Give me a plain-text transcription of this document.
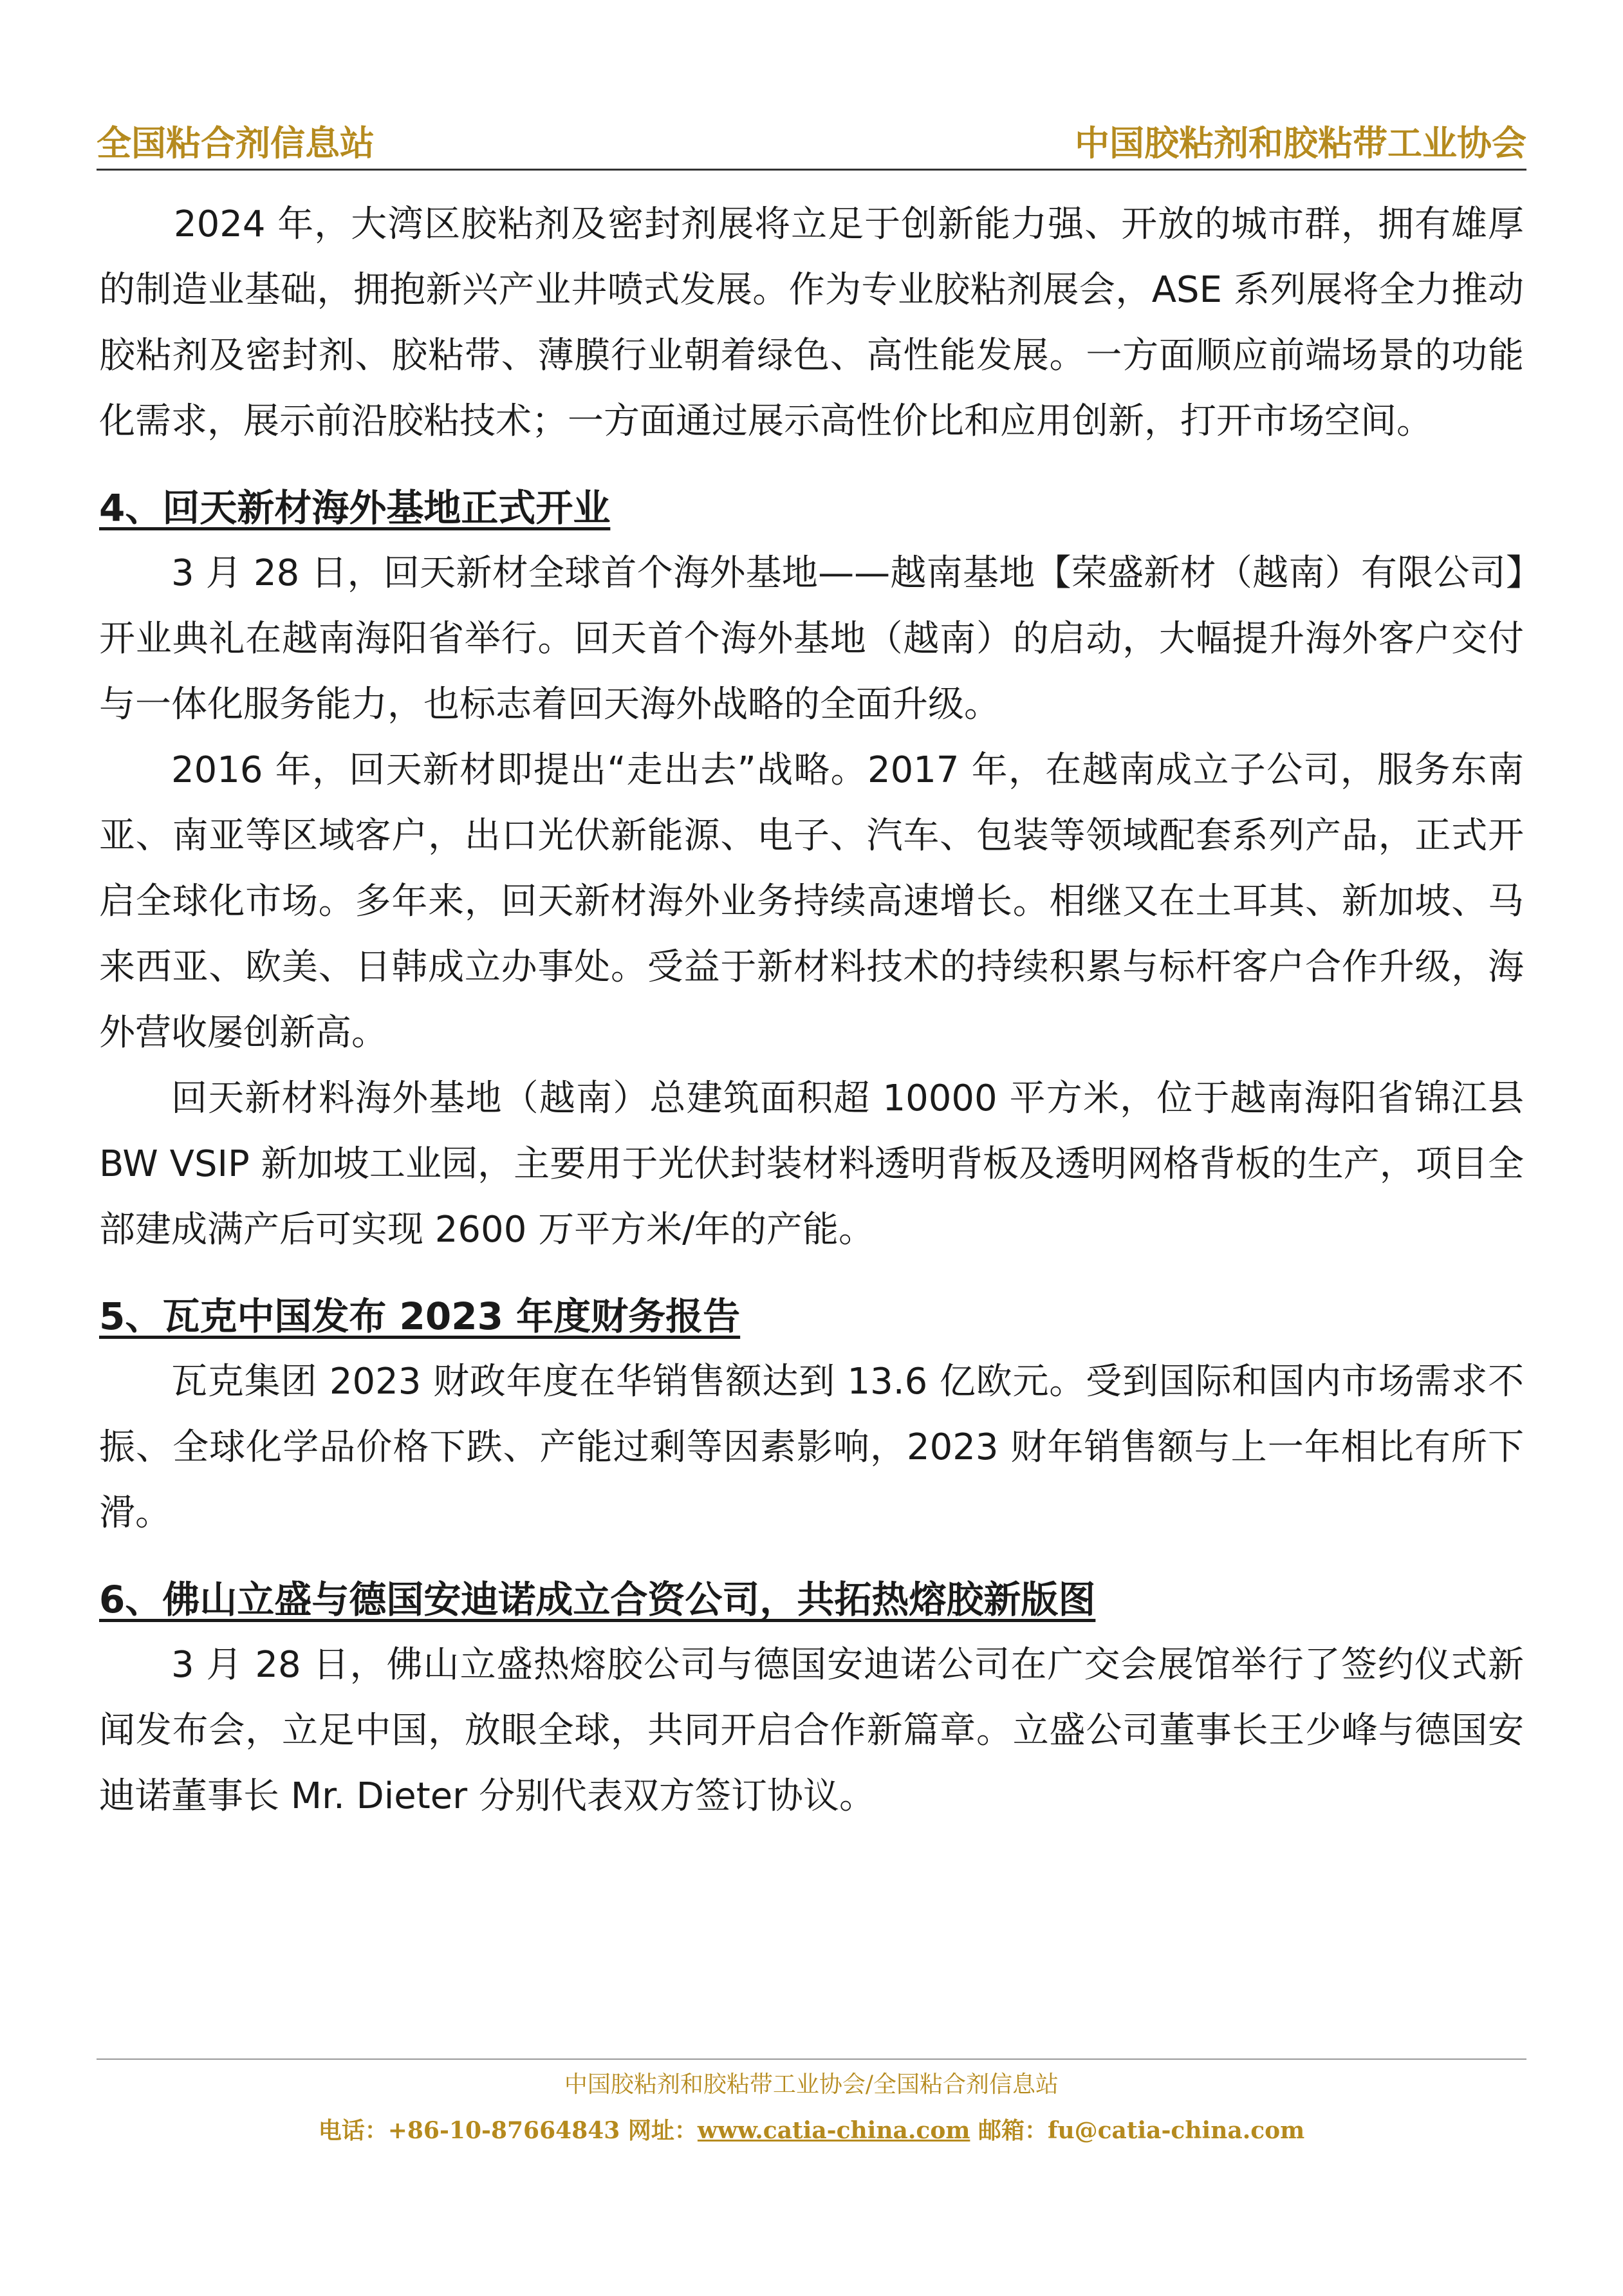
全国粘合剂信息站	中国胶粘剂和胶粘带工业协会

2024 年，大湾区胶粘剂及密封剂展将立足于创新能力强、开放的城市群，拥有雄厚的制造业基础，拥抱新兴产业井喷式发展。作为专业胶粘剂展会，ASE 系列展将全力推动胶粘剂及密封剂、胶粘带、薄膜行业朝着绿色、高性能发展。一方面顺应前端场景的功能化需求，展示前沿胶粘技术；一方面通过展示高性价比和应用创新，打开市场空间。

4、回天新材海外基地正式开业

3 月 28 日，回天新材全球首个海外基地——越南基地【荣盛新材（越南）有限公司】开业典礼在越南海阳省举行。回天首个海外基地（越南）的启动，大幅提升海外客户交付与一体化服务能力，也标志着回天海外战略的全面升级。

2016 年，回天新材即提出“走出去”战略。2017 年，在越南成立子公司，服务东南亚、南亚等区域客户，出口光伏新能源、电子、汽车、包装等领域配套系列产品，正式开启全球化市场。多年来，回天新材海外业务持续高速增长。相继又在土耳其、新加坡、马来西亚、欧美、日韩成立办事处。受益于新材料技术的持续积累与标杆客户合作升级，海外营收屡创新高。

回天新材料海外基地（越南）总建筑面积超 10000 平方米，位于越南海阳省锦江县 BW VSIP 新加坡工业园，主要用于光伏封装材料透明背板及透明网格背板的生产，项目全部建成满产后可实现 2600 万平方米/年的产能。

5、瓦克中国发布 2023 年度财务报告

瓦克集团 2023 财政年度在华销售额达到 13.6 亿欧元。受到国际和国内市场需求不振、全球化学品价格下跌、产能过剩等因素影响，2023 财年销售额与上一年相比有所下滑。

6、佛山立盛与德国安迪诺成立合资公司，共拓热熔胶新版图

3 月 28 日，佛山立盛热熔胶公司与德国安迪诺公司在广交会展馆举行了签约仪式新闻发布会，立足中国，放眼全球，共同开启合作新篇章。立盛公司董事长王少峰与德国安迪诺董事长 Mr. Dieter 分别代表双方签订协议。

中国胶粘剂和胶粘带工业协会/全国粘合剂信息站
电话：+86-10-87664843 网址：www.catia-china.com 邮箱：fu@catia-china.com
